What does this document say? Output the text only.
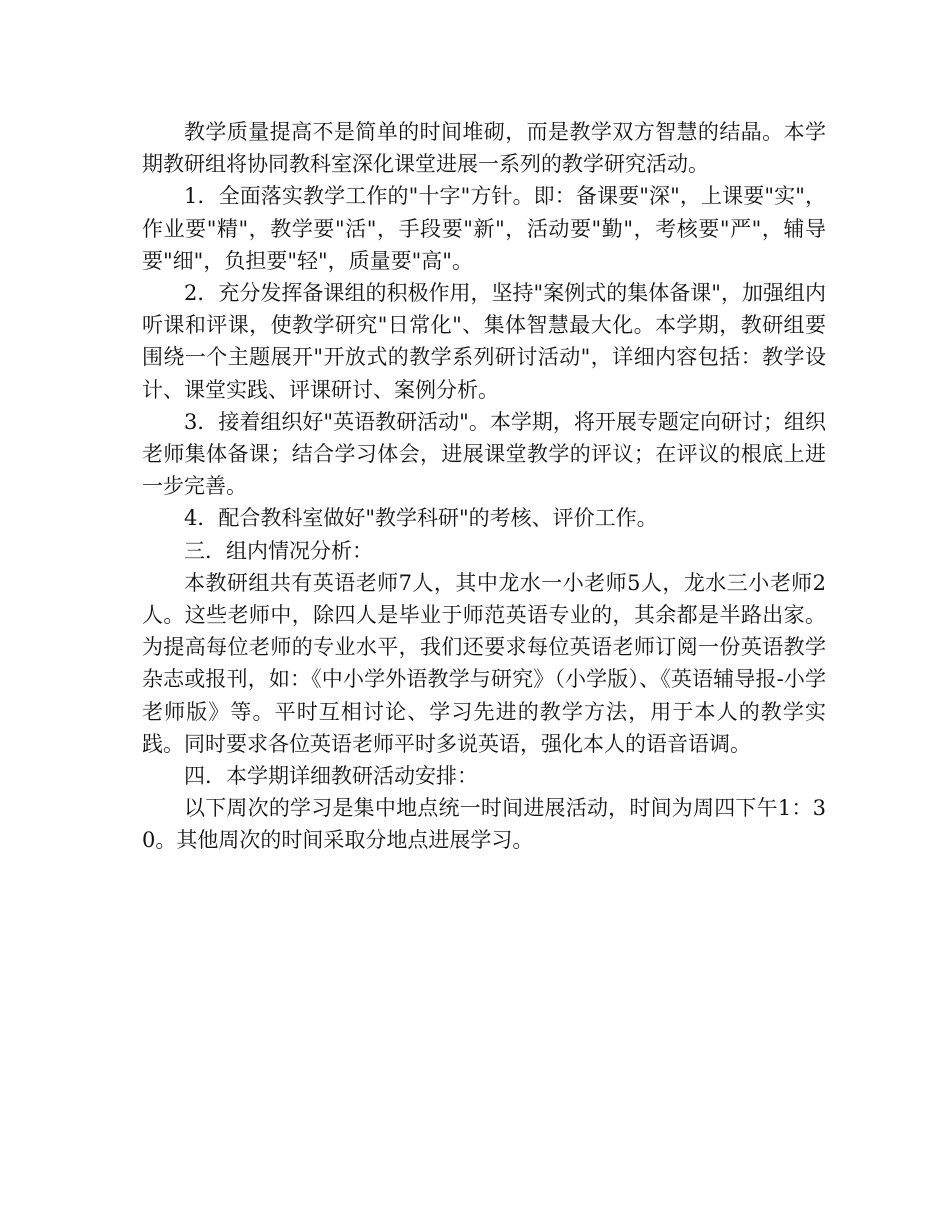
教学质量提高不是简单的时间堆砌，而是教学双方智慧的结晶。本学期教研组将协同教科室深化课堂进展一系列的教学研究活动。

1．全面落实教学工作的"十字"方针。即：备课要"深"，上课要"实"，作业要"精"，教学要"活"，手段要"新"，活动要"勤"，考核要"严"，辅导要"细"，负担要"轻"，质量要"高"。

2．充分发挥备课组的积极作用，坚持"案例式的集体备课"，加强组内听课和评课，使教学研究"日常化"、集体智慧最大化。本学期，教研组要围绕一个主题展开"开放式的教学系列研讨活动"，详细内容包括：教学设计、课堂实践、评课研讨、案例分析。

3．接着组织好"英语教研活动"。本学期，将开展专题定向研讨；组织老师集体备课；结合学习体会，进展课堂教学的评议；在评议的根底上进一步完善。

4．配合教科室做好"教学科研"的考核、评价工作。

三．组内情况分析：

本教研组共有英语老师7人，其中龙水一小老师5人，龙水三小老师2人。这些老师中，除四人是毕业于师范英语专业的，其余都是半路出家。为提高每位老师的专业水平，我们还要求每位英语老师订阅一份英语教学杂志或报刊，如：《中小学外语教学与研究》（小学版）、《英语辅导报-小学老师版》等。平时互相讨论、学习先进的教学方法，用于本人的教学实践。同时要求各位英语老师平时多说英语，强化本人的语音语调。

四．本学期详细教研活动安排：

以下周次的学习是集中地点统一时间进展活动，时间为周四下午1：30。其他周次的时间采取分地点进展学习。
